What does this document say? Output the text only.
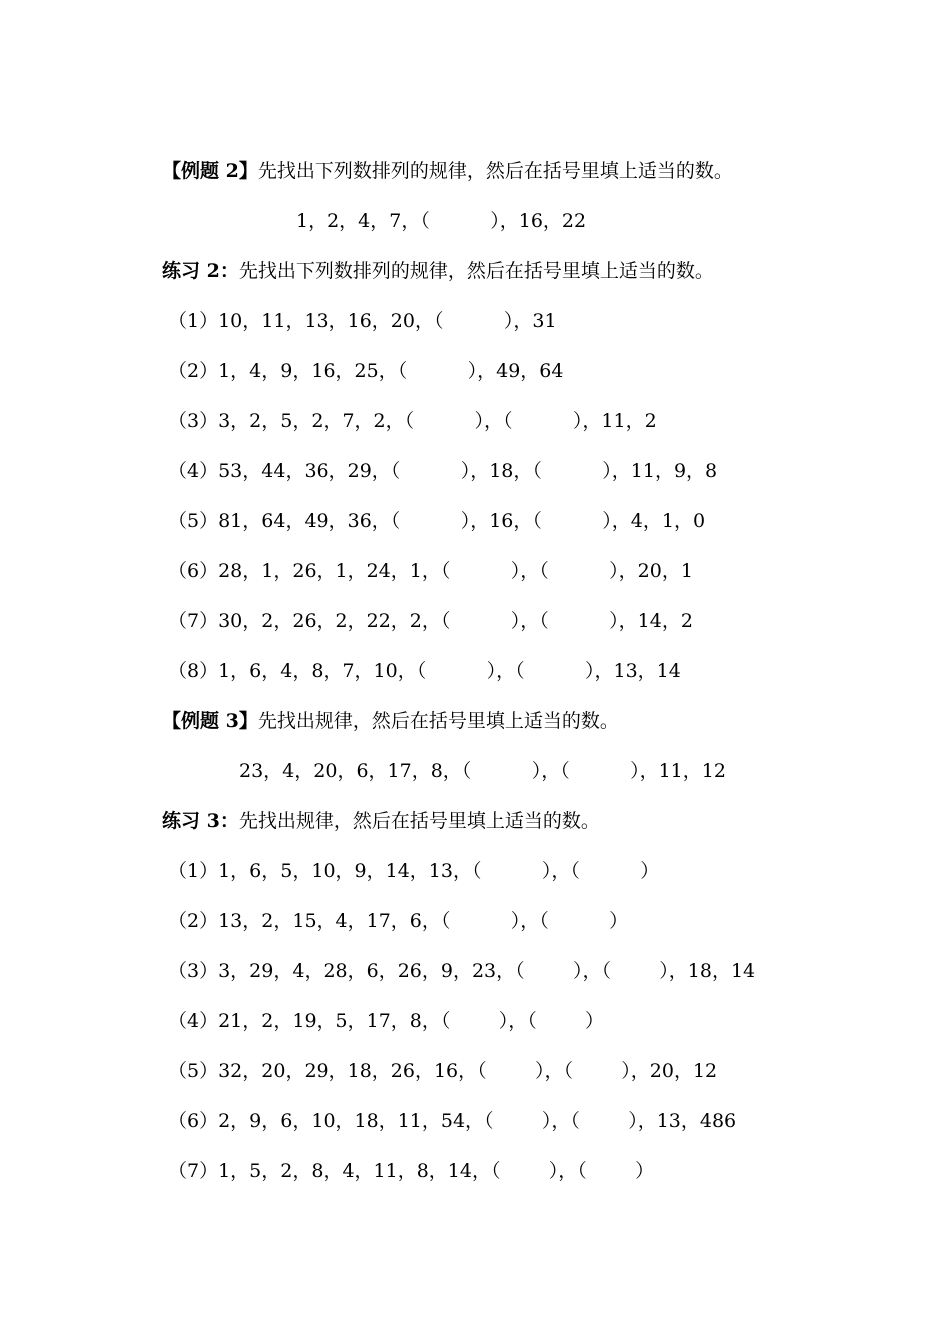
【例题 2】先找出下列数排列的规律，然后在括号里填上适当的数。
1，2，4，7，（          ），16，22
练习 2：先找出下列数排列的规律，然后在括号里填上适当的数。
（1）10，11，13，16，20，（          ），31
（2）1，4，9，16，25，（          ），49，64
（3）3，2，5，2，7，2，（          ），（          ），11，2
（4）53，44，36，29，（          ），18，（          ），11，9，8
（5）81，64，49，36，（          ），16，（          ），4，1，0
（6）28，1，26，1，24，1，（          ），（          ），20，1
（7）30，2，26，2，22，2，（          ），（          ），14，2
（8）1，6，4，8，7，10，（          ），（          ），13，14
【例题 3】先找出规律，然后在括号里填上适当的数。
23，4，20，6，17，8，（          ），（          ），11，12
练习 3：先找出规律，然后在括号里填上适当的数。
（1）1，6，5，10，9，14，13，（          ），（          ）
（2）13，2，15，4，17，6，（          ），（          ）
（3）3，29，4，28，6，26，9，23，（        ），（        ），18，14
（4）21，2，19，5，17，8，（        ），（        ）
（5）32，20，29，18，26，16，（        ），（        ），20，12
（6）2，9，6，10，18，11，54，（        ），（        ），13，486
（7）1，5，2，8，4，11，8，14，（        ），（        ）
